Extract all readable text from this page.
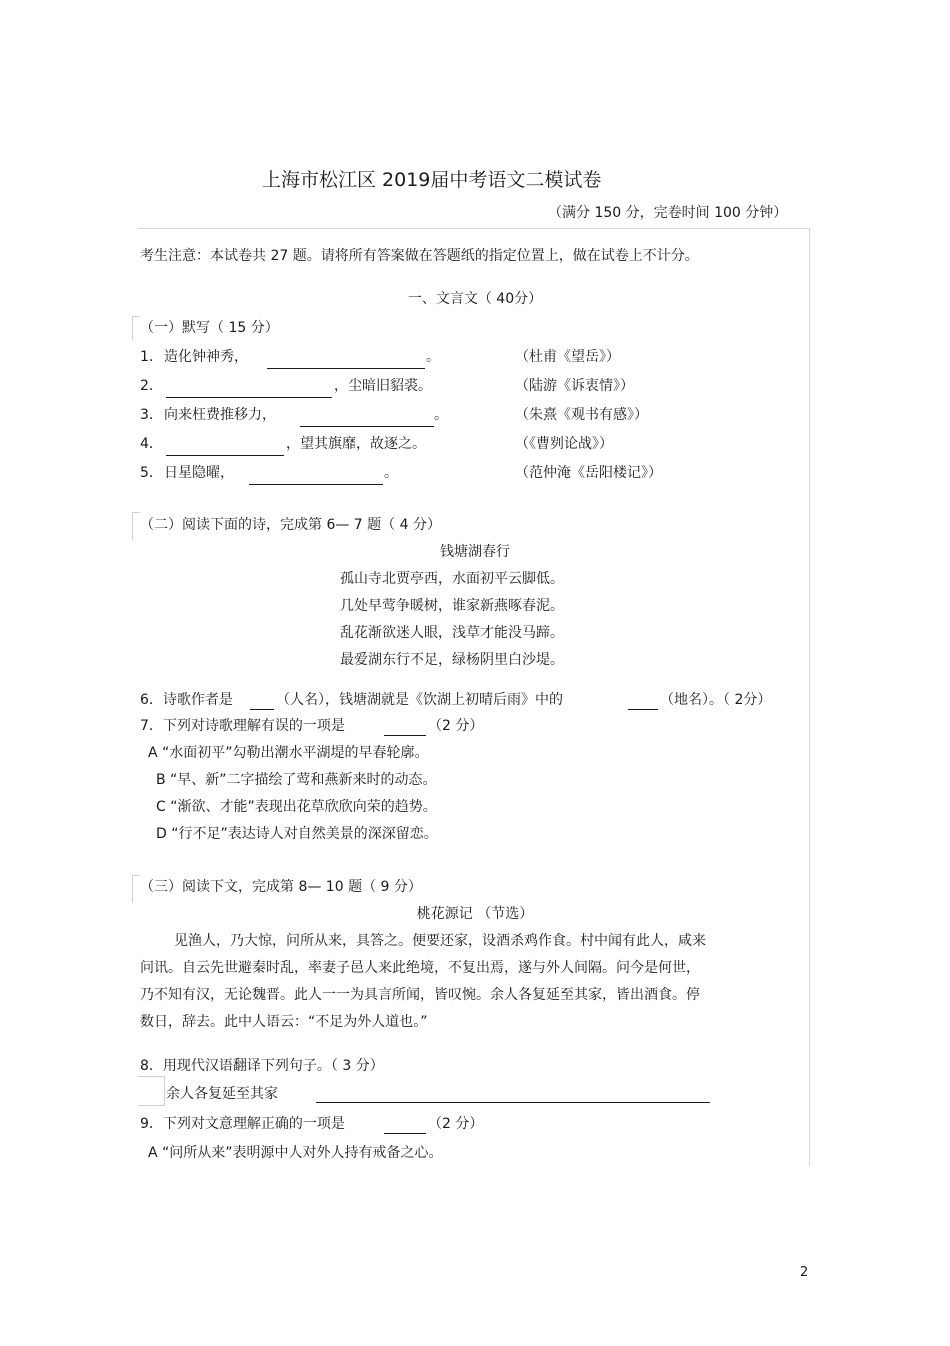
上海市松江区 2019届中考语文二模试卷
（满分 150 分，完卷时间 100 分钟）
考生注意：本试卷共 27 题。请将所有答案做在答题纸的指定位置上，做在试卷上不计分。
一、文言文（ 40分）
（一）默写（ 15 分）
1． 造化钟神秀，	。	（杜甫《望岳》）
2．	，尘暗旧貂裘。	（陆游《诉衷情》）
3． 向来枉费推移力，	。	（朱熹《观书有感》）
4．	，望其旗靡，故逐之。	（《曹刿论战》）
5． 日星隐曜，	。	（范仲淹《岳阳楼记》）
（二）阅读下面的诗，完成第 6— 7 题（ 4 分）
钱塘湖春行
孤山寺北贾亭西，水面初平云脚低。
几处早莺争暖树，谁家新燕啄春泥。
乱花渐欲迷人眼，浅草才能没马蹄。
最爱湖东行不足，绿杨阴里白沙堤。
6．诗歌作者是	（人名），钱塘湖就是《饮湖上初晴后雨》中的	（地名）。（ 2分）
7．下列对诗歌理解有误的一项是	（2 分）
A “水面初平”勾勒出潮水平湖堤的早春轮廓。
B “早、新”二字描绘了莺和燕新来时的动态。
C “渐欲、才能”表现出花草欣欣向荣的趋势。
D “行不足”表达诗人对自然美景的深深留恋。
（三）阅读下文，完成第 8— 10 题（ 9 分）
桃花源记 （节选）
见渔人，乃大惊，问所从来，具答之。便要还家，设酒杀鸡作食。村中闻有此人，咸来
问讯。自云先世避秦时乱，率妻子邑人来此绝境，不复出焉，遂与外人间隔。问今是何世，
乃不知有汉，无论魏晋。此人一一为具言所闻，皆叹惋。余人各复延至其家，皆出酒食。停
数日，辞去。此中人语云：“不足为外人道也。”
8．用现代汉语翻译下列句子。（ 3 分）
余人各复延至其家
9．下列对文意理解正确的一项是	（2 分）
A “问所从来”表明源中人对外人持有戒备之心。
2
